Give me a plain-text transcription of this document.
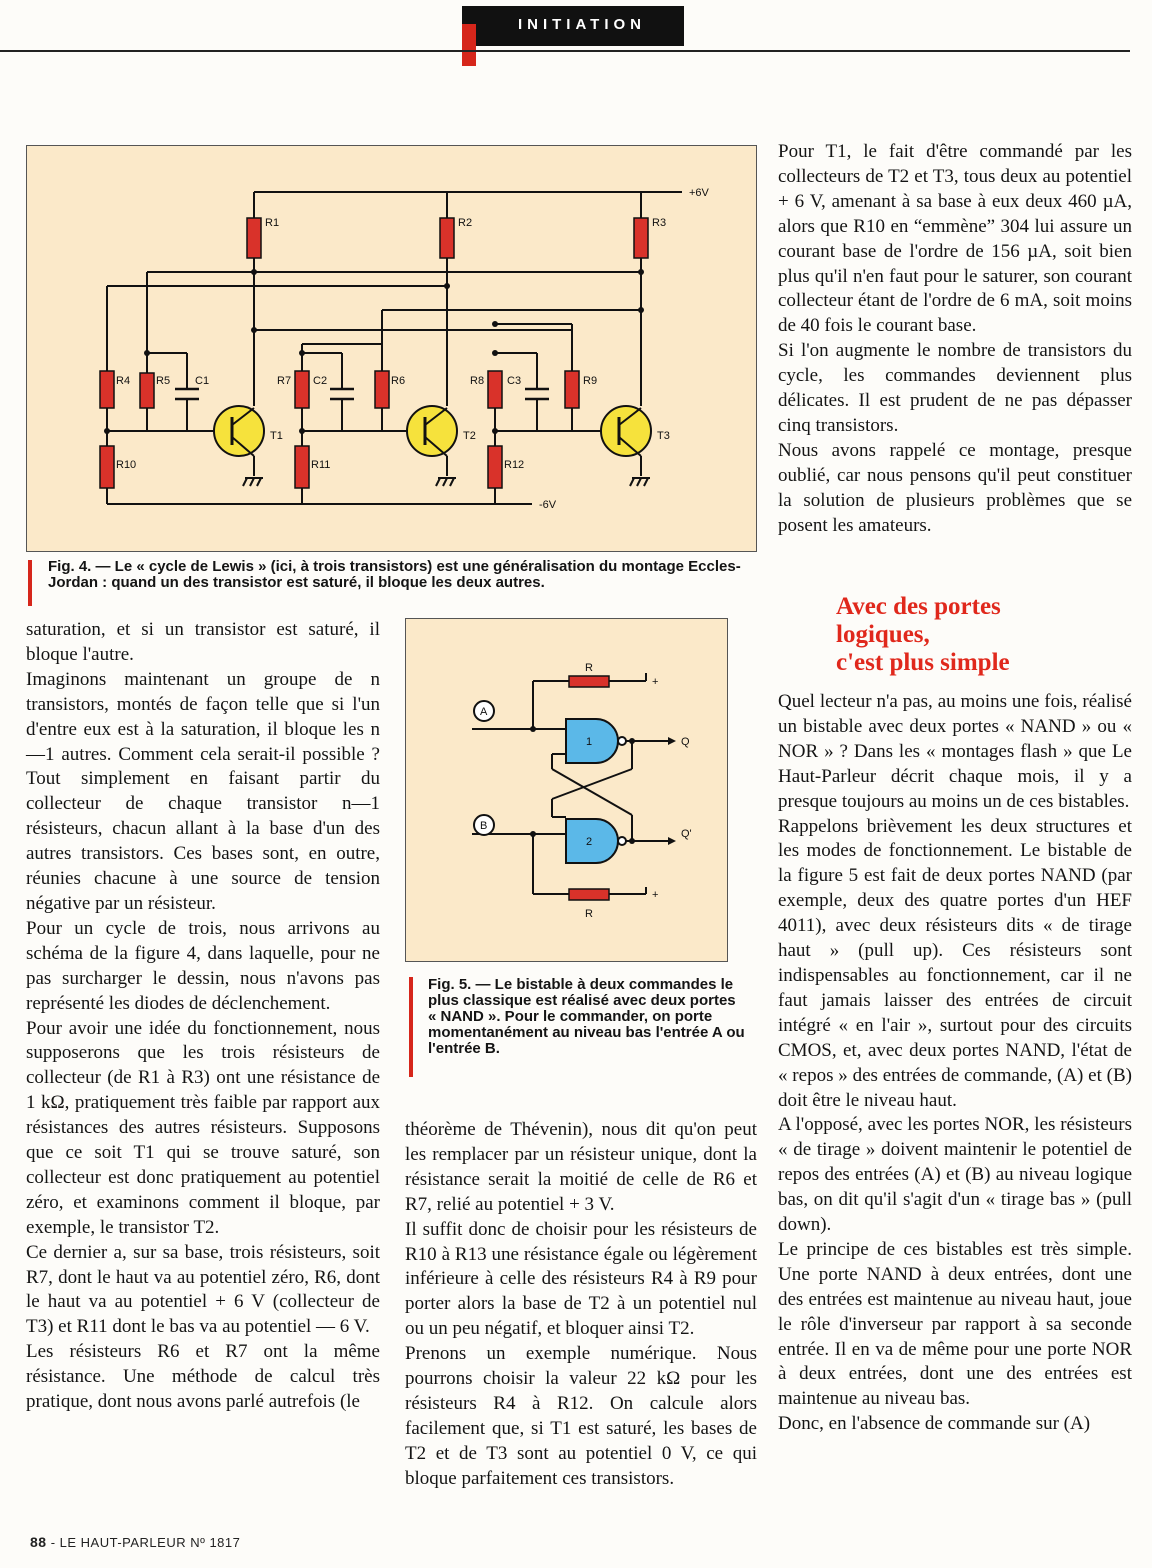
INITIATION
+6V
-6V
R1	R2	R3
R4 R5 C1	R7 C2	R6	R8 C3	R9
R10	R11	R12
T1	T2	T3
Fig. 4. — Le « cycle de Lewis » (ici, à trois transistors) est une généralisation du montage Eccles-Jordan : quand un des transistor est saturé, il bloque les deux autres.
A
B
1
2
Q
Q'
R
R
+
+
Fig. 5. — Le bistable à deux commandes le plus classique est réalisé avec deux portes « NAND ». Pour le commander, on porte momentanément au niveau bas l'entrée A ou l'entrée B.

saturation, et si un transistor est saturé, il bloque l'autre.

Imaginons maintenant un groupe de n transistors, montés de façon telle que si l'un d'entre eux est à la saturation, il bloque les n—1 autres. Comment cela serait-il possible ? Tout simplement en faisant partir du collecteur de chaque transistor n—1 résisteurs, chacun allant à la base d'un des autres transistors. Ces bases sont, en outre, réunies chacune à une source de tension négative par un résisteur.

Pour un cycle de trois, nous arrivons au schéma de la figure 4, dans laquelle, pour ne pas surcharger le dessin, nous n'avons pas représenté les diodes de déclenchement.

Pour avoir une idée du fonctionnement, nous supposerons que les trois résisteurs de collecteur (de R1 à R3) ont une résistance de 1 kΩ, pratiquement très faible par rapport aux résistances des autres résisteurs. Supposons que ce soit T1 qui se trouve saturé, son collecteur est donc pratiquement au potentiel zéro, et examinons comment il bloque, par exemple, le transistor T2.

Ce dernier a, sur sa base, trois résisteurs, soit R7, dont le haut va au potentiel zéro, R6, dont le haut va au potentiel + 6 V (collecteur de T3) et R11 dont le bas va au potentiel — 6 V.

Les résisteurs R6 et R7 ont la même résistance. Une méthode de calcul très pratique, dont nous avons parlé autrefois (le

théorème de Thévenin), nous dit qu'on peut les remplacer par un résisteur unique, dont la résistance serait la moitié de celle de R6 et R7, relié au potentiel + 3 V.

Il suffit donc de choisir pour les résisteurs de R10 à R13 une résistance égale ou légèrement inférieure à celle des résisteurs R4 à R9 pour porter alors la base de T2 à un potentiel nul ou un peu négatif, et bloquer ainsi T2.

Prenons un exemple numérique. Nous pourrons choisir la valeur 22 kΩ pour les résisteurs R4 à R12. On calcule alors facilement que, si T1 est saturé, les bases de T2 et de T3 sont au potentiel 0 V, ce qui bloque parfaitement ces transistors.

Pour T1, le fait d'être commandé par les collecteurs de T2 et T3, tous deux au potentiel + 6 V, amenant à sa base à eux deux 460 µA, alors que R10 en “emmène” 304 lui assure un courant base de l'ordre de 156 µA, soit bien plus qu'il n'en faut pour le saturer, son courant collecteur étant de l'ordre de 6 mA, soit moins de 40 fois le courant base.

Si l'on augmente le nombre de transistors du cycle, les commandes deviennent plus délicates. Il est prudent de ne pas dépasser cinq transistors.

Nous avons rappelé ce montage, presque oublié, car nous pensons qu'il peut constituer la solution de plusieurs problèmes que se posent les amateurs.

Avec des portes
logiques,
c'est plus simple

Quel lecteur n'a pas, au moins une fois, réalisé un bistable avec deux portes « NAND » ou « NOR » ? Dans les « montages flash » que Le Haut-Parleur décrit chaque mois, il y a presque toujours au moins un de ces bistables.

Rappelons brièvement les deux structures et les modes de fonctionnement. Le bistable de la figure 5 est fait de deux portes NAND (par exemple, deux des quatre portes d'un HEF 4011), avec deux résisteurs dits « de tirage haut » (pull up). Ces résisteurs sont indispensables au fonctionnement, car il ne faut jamais laisser des entrées de circuit intégré « en l'air », surtout pour des circuits CMOS, et, avec deux portes NAND, l'état de « repos » des entrées de commande, (A) et (B) doit être le niveau haut.

A l'opposé, avec les portes NOR, les résisteurs « de tirage » doivent maintenir le potentiel de repos des entrées (A) et (B) au niveau logique bas, on dit qu'il s'agit d'un « tirage bas » (pull down).

Le principe de ces bistables est très simple. Une porte NAND à deux entrées, dont une des entrées est maintenue au niveau haut, joue le rôle d'inverseur par rapport à sa seconde entrée. Il en va de même pour une porte NOR à deux entrées, dont une des entrées est maintenue au niveau bas.

Donc, en l'absence de commande sur (A)

88 - LE HAUT-PARLEUR Nº 1817
